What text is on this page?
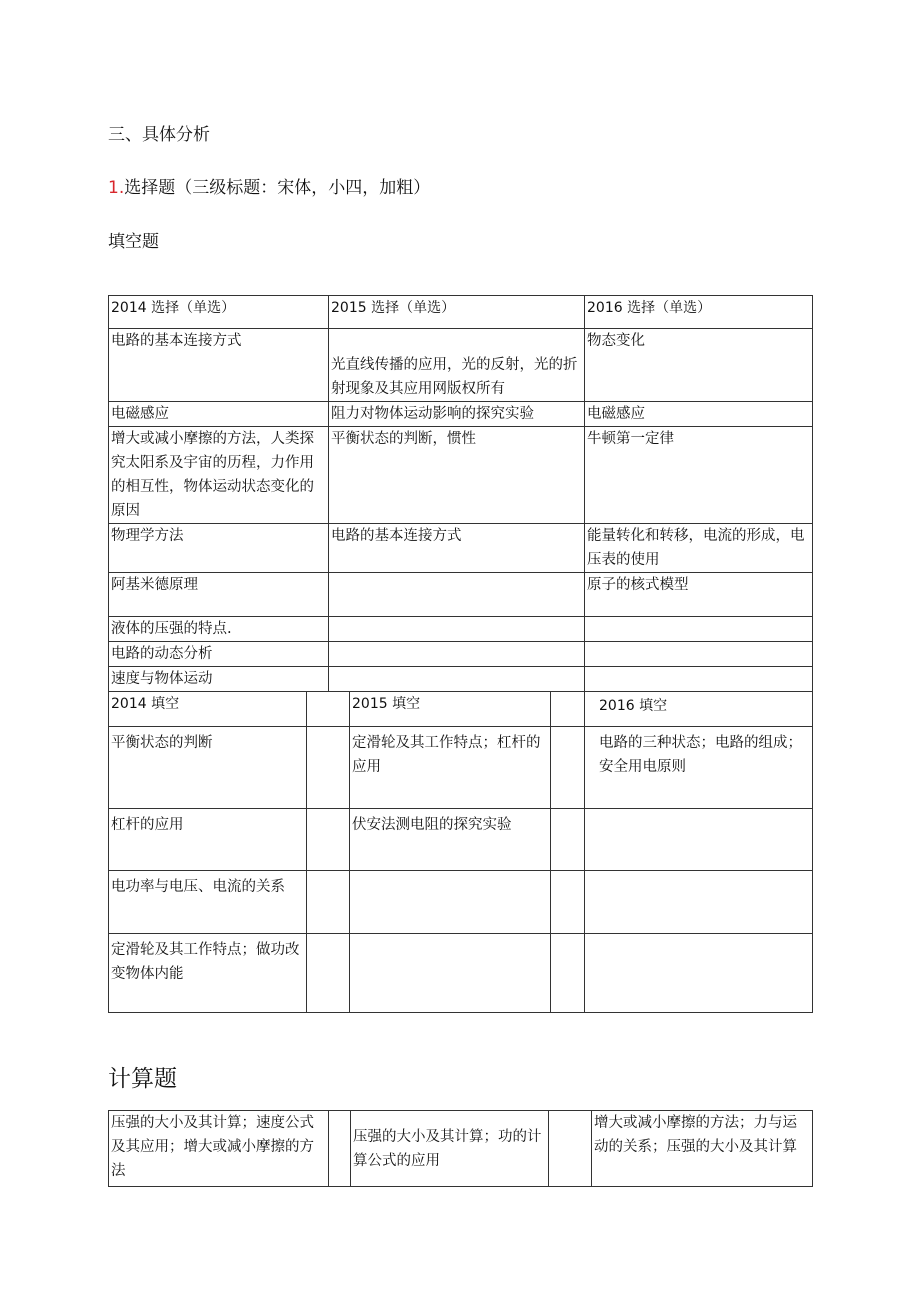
三、具体分析
1.选择题（三级标题：宋体，小四，加粗）
填空题
2014 选择（单选）	2015 选择（单选）	2016 选择（单选）
电路的基本连接方式	光直线传播的应用，光的反射，光的折射现象及其应用网版权所有	物态变化
电磁感应	阻力对物体运动影响的探究实验	电磁感应
增大或减小摩擦的方法，人类探究太阳系及宇宙的历程，力作用的相互性，物体运动状态变化的原因	平衡状态的判断，惯性	牛顿第一定律
物理学方法	电路的基本连接方式	能量转化和转移，电流的形成，电压表的使用
阿基米德原理		原子的核式模型
液体的压强的特点.		
电路的动态分析		
速度与物体运动		
2014 填空		2015 填空		2016 填空
平衡状态的判断		定滑轮及其工作特点；杠杆的应用		电路的三种状态；电路的组成；安全用电原则
杠杆的应用		伏安法测电阻的探究实验		
电功率与电压、电流的关系				
定滑轮及其工作特点；做功改变物体内能				
计算题
压强的大小及其计算；速度公式及其应用；增大或减小摩擦的方法		压强的大小及其计算；功的计算公式的应用		增大或减小摩擦的方法；力与运动的关系；压强的大小及其计算
